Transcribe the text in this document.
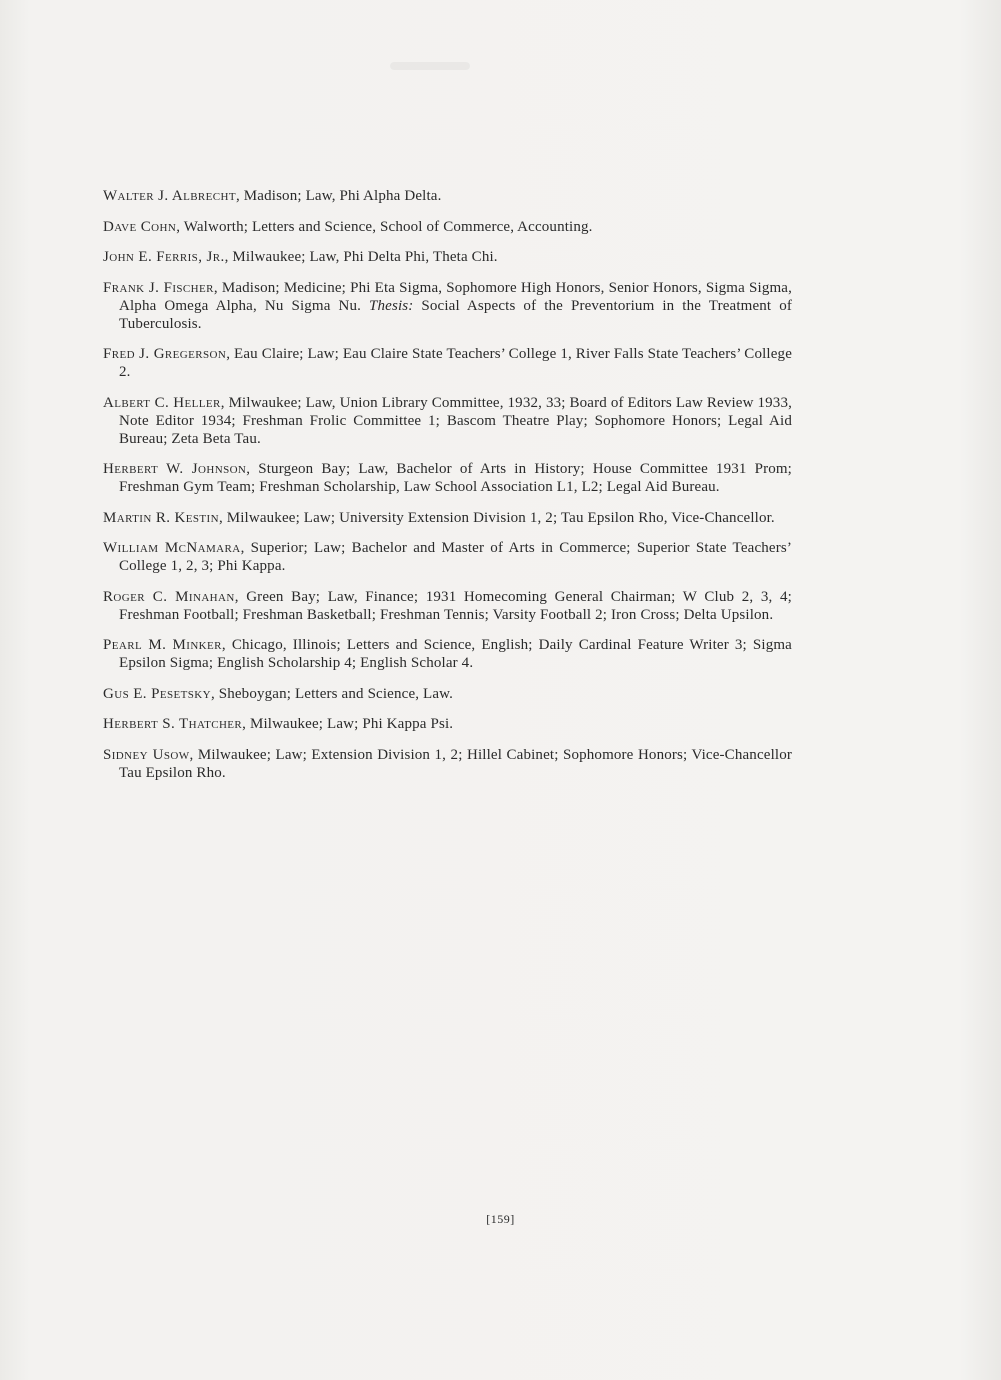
Walter J. Albrecht, Madison; Law, Phi Alpha Delta.

Dave Cohn, Walworth; Letters and Science, School of Commerce, Accounting.

John E. Ferris, Jr., Milwaukee; Law, Phi Delta Phi, Theta Chi.

Frank J. Fischer, Madison; Medicine; Phi Eta Sigma, Sophomore High Honors, Senior Honors, Sigma Sigma, Alpha Omega Alpha, Nu Sigma Nu. Thesis: Social Aspects of the Preventorium in the Treatment of Tuberculosis.

Fred J. Gregerson, Eau Claire; Law; Eau Claire State Teachers’ College 1, River Falls State Teachers’ College 2.

Albert C. Heller, Milwaukee; Law, Union Library Committee, 1932, 33; Board of Editors Law Review 1933, Note Editor 1934; Freshman Frolic Committee 1; Bascom Theatre Play; Sophomore Honors; Legal Aid Bureau; Zeta Beta Tau.

Herbert W. Johnson, Sturgeon Bay; Law, Bachelor of Arts in History; House Committee 1931 Prom; Freshman Gym Team; Freshman Scholarship, Law School Association L1, L2; Legal Aid Bureau.

Martin R. Kestin, Milwaukee; Law; University Extension Division 1, 2; Tau Epsilon Rho, Vice-Chancellor.

William McNamara, Superior; Law; Bachelor and Master of Arts in Commerce; Superior State Teachers’ College 1, 2, 3; Phi Kappa.

Roger C. Minahan, Green Bay; Law, Finance; 1931 Homecoming General Chairman; W Club 2, 3, 4; Freshman Football; Freshman Basketball; Freshman Tennis; Varsity Football 2; Iron Cross; Delta Upsilon.

Pearl M. Minker, Chicago, Illinois; Letters and Science, English; Daily Cardinal Feature Writer 3; Sigma Epsilon Sigma; English Scholarship 4; English Scholar 4.

Gus E. Pesetsky, Sheboygan; Letters and Science, Law.

Herbert S. Thatcher, Milwaukee; Law; Phi Kappa Psi.

Sidney Usow, Milwaukee; Law; Extension Division 1, 2; Hillel Cabinet; Sophomore Honors; Vice-Chancellor Tau Epsilon Rho.

[159]
